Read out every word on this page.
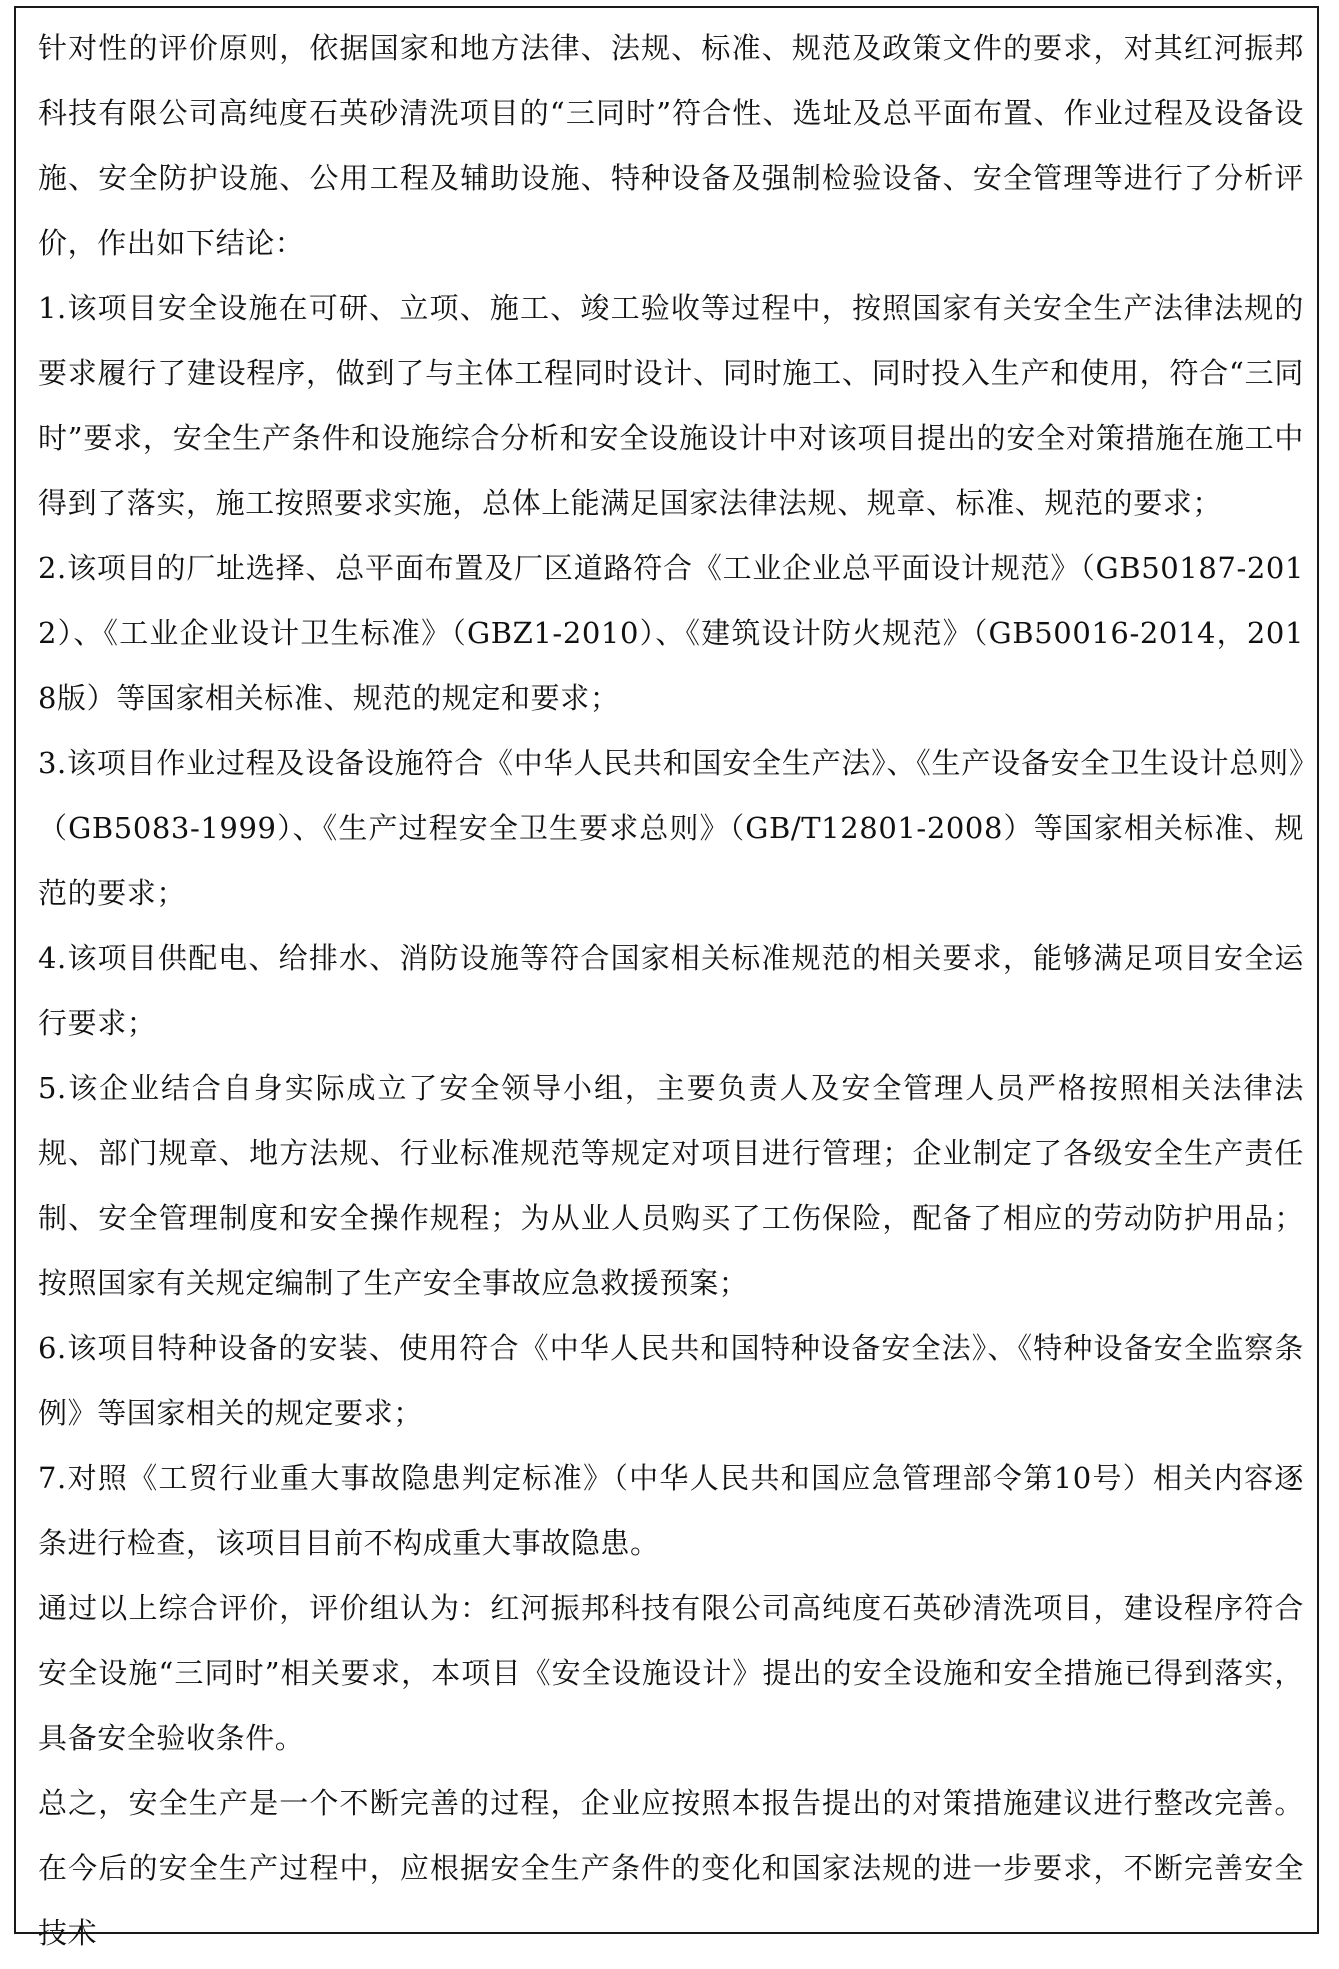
针对性的评价原则，依据国家和地方法律、法规、标准、规范及政策文件的要求，对其红河振邦科技有限公司高纯度石英砂清洗项目的“三同时”符合性、选址及总平面布置、作业过程及设备设施、安全防护设施、公用工程及辅助设施、特种设备及强制检验设备、安全管理等进行了分析评价，作出如下结论：

1.该项目安全设施在可研、立项、施工、竣工验收等过程中，按照国家有关安全生产法律法规的要求履行了建设程序，做到了与主体工程同时设计、同时施工、同时投入生产和使用，符合“三同时”要求，安全生产条件和设施综合分析和安全设施设计中对该项目提出的安全对策措施在施工中得到了落实，施工按照要求实施，总体上能满足国家法律法规、规章、标准、规范的要求；

2.该项目的厂址选择、总平面布置及厂区道路符合《工业企业总平面设计规范》（GB50187-2012）、《工业企业设计卫生标准》（GBZ1-2010）、《建筑设计防火规范》（GB50016-2014，2018版）等国家相关标准、规范的规定和要求；

3.该项目作业过程及设备设施符合《中华人民共和国安全生产法》、《生产设备安全卫生设计总则》（GB5083-1999）、《生产过程安全卫生要求总则》（GB/T12801-2008）等国家相关标准、规范的要求；

4.该项目供配电、给排水、消防设施等符合国家相关标准规范的相关要求，能够满足项目安全运行要求；

5.该企业结合自身实际成立了安全领导小组，主要负责人及安全管理人员严格按照相关法律法规、部门规章、地方法规、行业标准规范等规定对项目进行管理；企业制定了各级安全生产责任制、安全管理制度和安全操作规程；为从业人员购买了工伤保险，配备了相应的劳动防护用品；按照国家有关规定编制了生产安全事故应急救援预案；

6.该项目特种设备的安装、使用符合《中华人民共和国特种设备安全法》、《特种设备安全监察条例》等国家相关的规定要求；

7.对照《工贸行业重大事故隐患判定标准》（中华人民共和国应急管理部令第10号）相关内容逐条进行检查，该项目目前不构成重大事故隐患。

通过以上综合评价，评价组认为：红河振邦科技有限公司高纯度石英砂清洗项目，建设程序符合安全设施“三同时”相关要求，本项目《安全设施设计》提出的安全设施和安全措施已得到落实，具备安全验收条件。

总之，安全生产是一个不断完善的过程，企业应按照本报告提出的对策措施建议进行整改完善。在今后的安全生产过程中，应根据安全生产条件的变化和国家法规的进一步要求，不断完善安全技术
